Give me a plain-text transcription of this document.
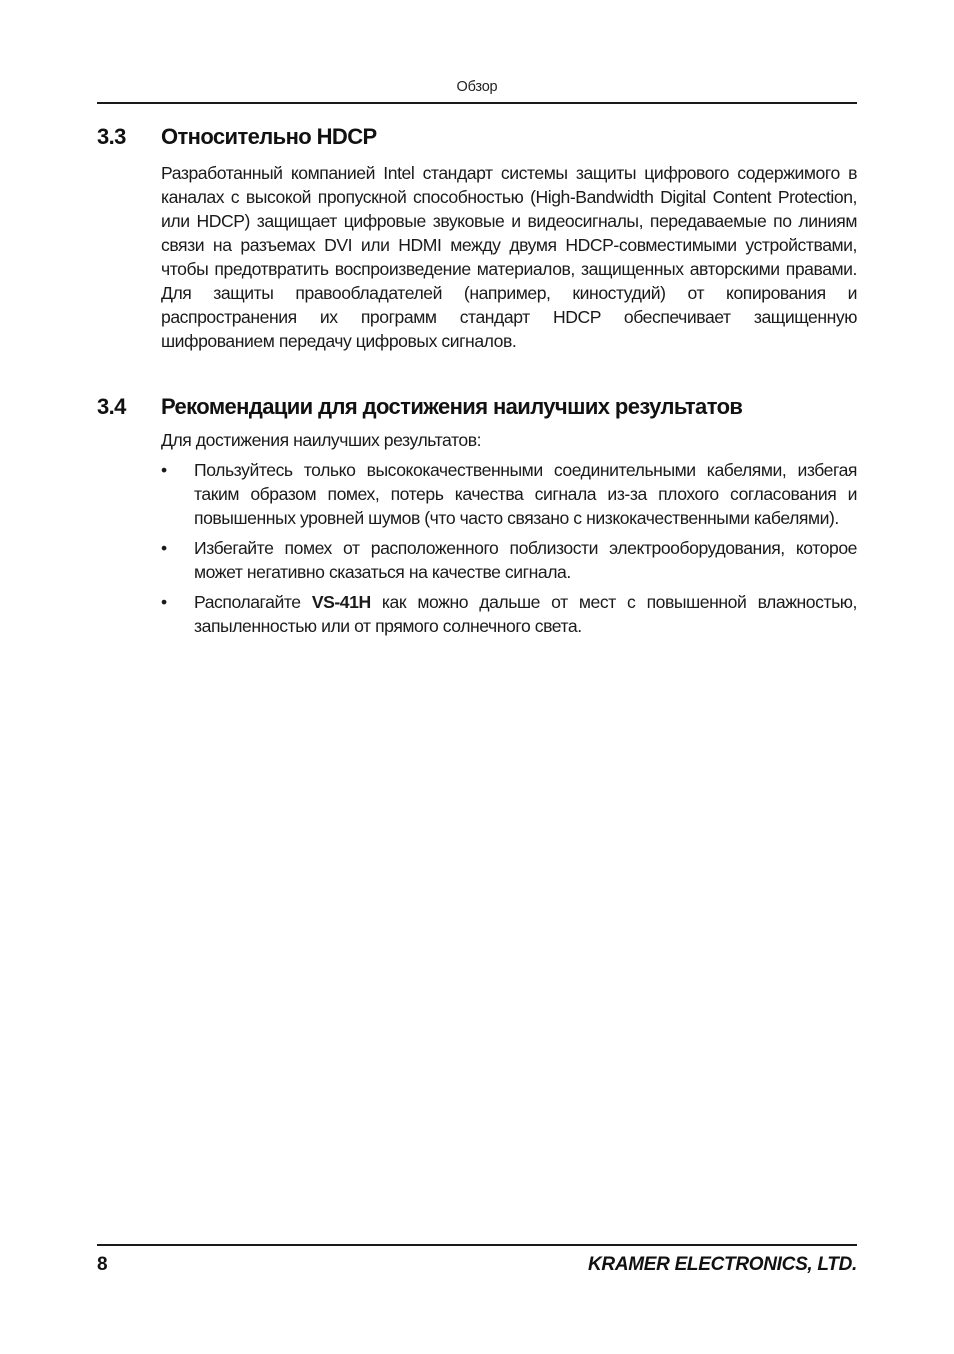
Обзор
3.3 Относительно HDCP
Разработанный компанией Intel стандарт системы защиты цифрового содержимого в каналах с высокой пропускной способностью (High-Bandwidth Digital Content Protection, или HDCP) защищает цифровые звуковые и видеосигналы, передаваемые по линиям связи на разъемах DVI или HDMI между двумя HDCP-совместимыми устройствами, чтобы предотвратить воспроизведение материалов, защищенных авторскими правами. Для защиты правообладателей (например, киностудий) от копирования и распространения их программ стандарт HDCP обеспечивает защищенную шифрованием передачу цифровых сигналов.
3.4 Рекомендации для достижения наилучших результатов
Для достижения наилучших результатов:
•	Пользуйтесь только высококачественными соединительными кабелями, избегая таким образом помех, потерь качества сигнала из-за плохого согласования и повышенных уровней шумов (что часто связано с низкокачественными кабелями).
•	Избегайте помех от расположенного поблизости электрооборудования, которое может негативно сказаться на качестве сигнала.
•	Располагайте VS-41H как можно дальше от мест с повышенной влажностью, запыленностью или от прямого солнечного света.
8	KRAMER ELECTRONICS, LTD.
